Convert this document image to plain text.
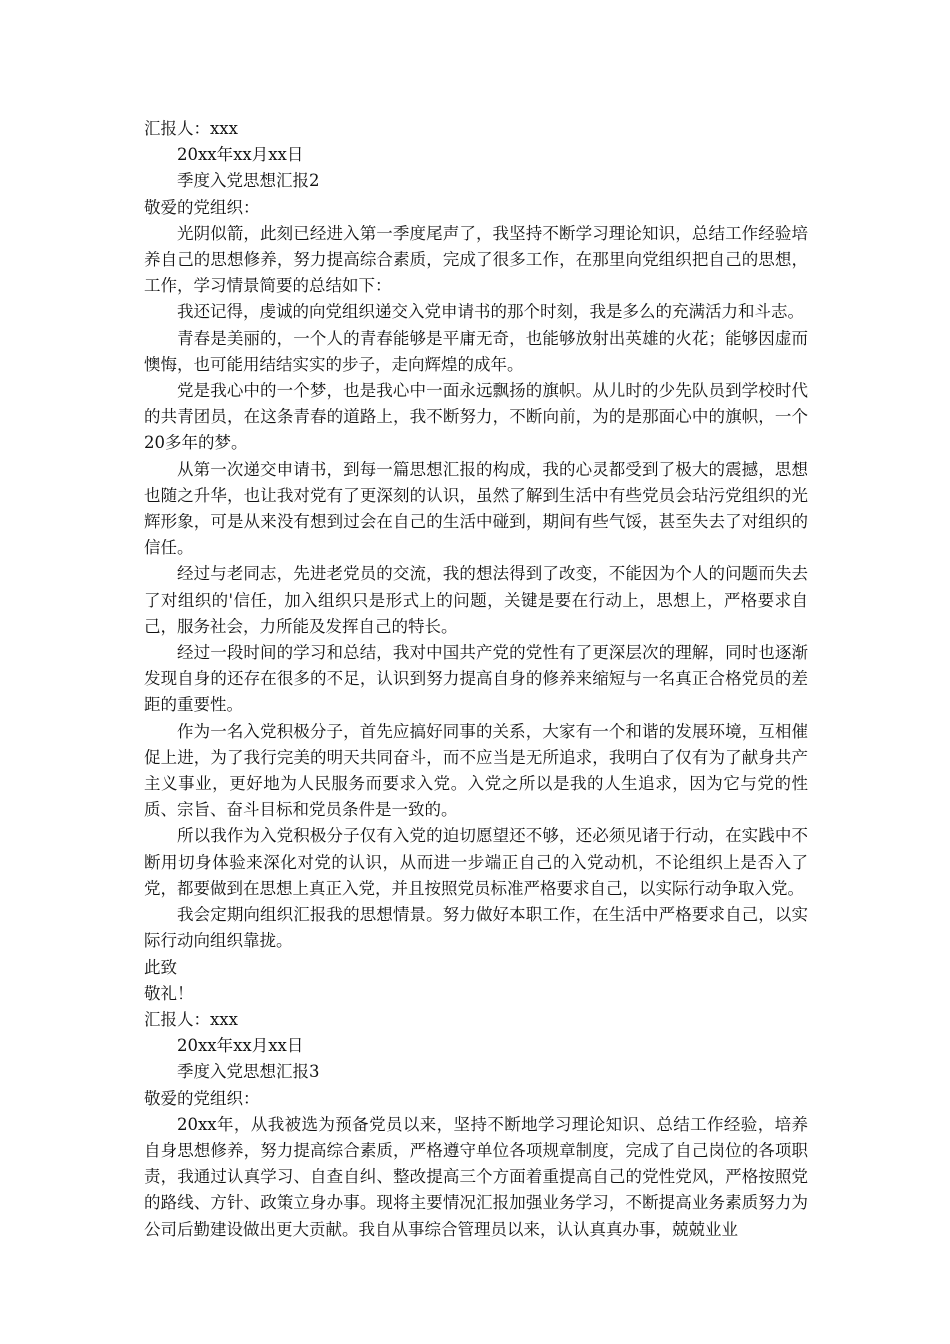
汇报人：xxx

20xx年xx月xx日

季度入党思想汇报2

敬爱的党组织：

光阴似箭，此刻已经进入第一季度尾声了，我坚持不断学习理论知识，总结工作经验培养自己的思想修养，努力提高综合素质，完成了很多工作，在那里向党组织把自己的思想，工作，学习情景简要的总结如下：

我还记得，虔诚的向党组织递交入党申请书的那个时刻，我是多么的充满活力和斗志。

青春是美丽的，一个人的青春能够是平庸无奇，也能够放射出英雄的火花；能够因虚而懊悔，也可能用结结实实的步子，走向辉煌的成年。

党是我心中的一个梦，也是我心中一面永远飘扬的旗帜。从儿时的少先队员到学校时代的共青团员，在这条青春的道路上，我不断努力，不断向前，为的是那面心中的旗帜，一个20多年的梦。

从第一次递交申请书，到每一篇思想汇报的构成，我的心灵都受到了极大的震撼，思想也随之升华，也让我对党有了更深刻的认识，虽然了解到生活中有些党员会玷污党组织的光辉形象，可是从来没有想到过会在自己的生活中碰到，期间有些气馁，甚至失去了对组织的信任。

经过与老同志，先进老党员的交流，我的想法得到了改变，不能因为个人的问题而失去了对组织的'信任，加入组织只是形式上的问题，关键是要在行动上，思想上，严格要求自己，服务社会，力所能及发挥自己的特长。

经过一段时间的学习和总结，我对中国共产党的党性有了更深层次的理解，同时也逐渐发现自身的还存在很多的不足，认识到努力提高自身的修养来缩短与一名真正合格党员的差距的重要性。

作为一名入党积极分子，首先应搞好同事的关系，大家有一个和谐的发展环境，互相催促上进，为了我行完美的明天共同奋斗，而不应当是无所追求，我明白了仅有为了献身共产主义事业，更好地为人民服务而要求入党。入党之所以是我的人生追求，因为它与党的性质、宗旨、奋斗目标和党员条件是一致的。

所以我作为入党积极分子仅有入党的迫切愿望还不够，还必须见诸于行动，在实践中不断用切身体验来深化对党的认识，从而进一步端正自己的入党动机，不论组织上是否入了党，都要做到在思想上真正入党，并且按照党员标准严格要求自己，以实际行动争取入党。

我会定期向组织汇报我的思想情景。努力做好本职工作，在生活中严格要求自己，以实际行动向组织靠拢。

此致

敬礼！

汇报人：xxx

20xx年xx月xx日

季度入党思想汇报3

敬爱的党组织：

20xx年，从我被选为预备党员以来，坚持不断地学习理论知识、总结工作经验，培养自身思想修养，努力提高综合素质，严格遵守单位各项规章制度，完成了自己岗位的各项职责，我通过认真学习、自查自纠、整改提高三个方面着重提高自己的党性党风，严格按照党的路线、方针、政策立身办事。现将主要情况汇报加强业务学习，不断提高业务素质努力为公司后勤建设做出更大贡献。我自从事综合管理员以来，认认真真办事，兢兢业业
